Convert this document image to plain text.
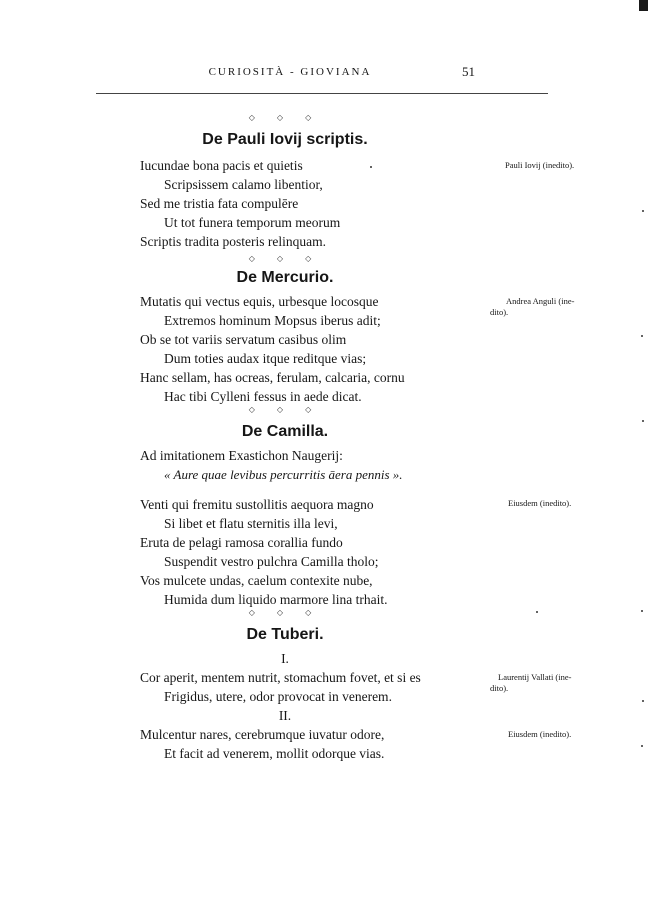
CURIOSITÀ - GIOVIANA	51
◇ ◇ ◇
De Pauli Iovij scriptis.
Iucundae bona pacis et quietis
Scripsissem calamo libentior,
Sed me tristia fata compulēre
Ut tot funera temporum meorum
Scriptis tradita posteris relinquam.
Pauli Iovij (inedito).
◇ ◇ ◇
De Mercurio.
Mutatis qui vectus equis, urbesque locosque
Extremos hominum Mopsus iberus adit;
Ob se tot variis servatum casibus olim
Dum toties audax itque reditque vias;
Hanc sellam, has ocreas, ferulam, calcaria, cornu
Hac tibi Cylleni fessus in aede dicat.
Andrea Anguli (ine-
dito).
◇ ◇ ◇
De Camilla.
Ad imitationem Exastichon Naugerij:
« Aure quae levibus percurritis āera pennis ».
Venti qui fremitu sustollitis aequora magno
Si libet et flatu sternitis illa levi,
Eruta de pelagi ramosa corallia fundo
Suspendit vestro pulchra Camilla tholo;
Vos mulcete undas, caelum contexite nube,
Humida dum liquido marmore lina trhait.
Eiusdem (inedito).
◇ ◇ ◇
De Tuberi.
I.
Cor aperit, mentem nutrit, stomachum fovet, et si es
Frigidus, utere, odor provocat in venerem.
Laurentij Vallati (ine-
dito).
II.
Mulcentur nares, cerebrumque iuvatur odore,
Et facit ad venerem, mollit odorque vias.
Eiusdem (inedito).
